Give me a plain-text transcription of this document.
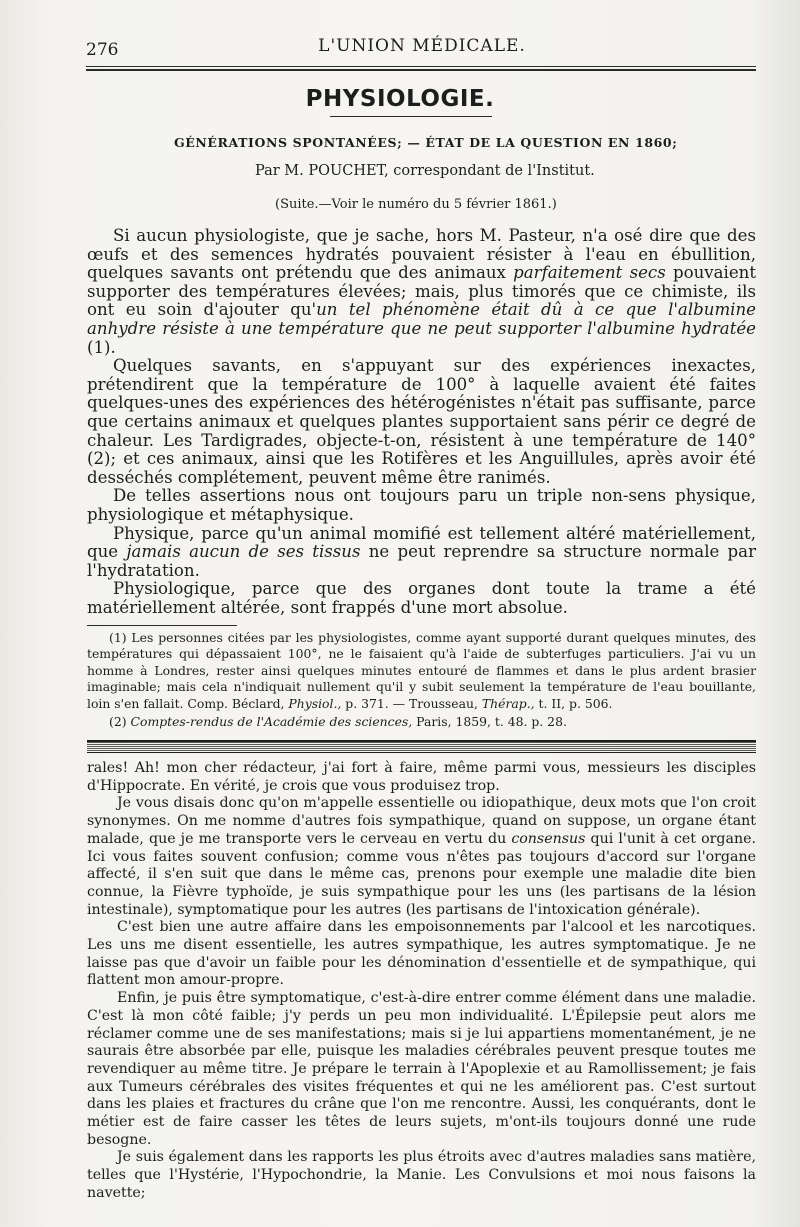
276	L'UNION MÉDICALE.
PHYSIOLOGIE.
GÉNÉRATIONS SPONTANÉES; — ÉTAT DE LA QUESTION EN 1860;
Par M. POUCHET, correspondant de l'Institut.
(Suite.—Voir le numéro du 5 février 1861.)

Si aucun physiologiste, que je sache, hors M. Pasteur, n'a osé dire que des œufs et des semences hydratés pouvaient résister à l'eau en ébullition, quelques savants ont prétendu que des animaux parfaitement secs pouvaient supporter des températures élevées; mais, plus timorés que ce chimiste, ils ont eu soin d'ajouter qu'un tel phénomène était dû à ce que l'albumine anhydre résiste à une température que ne peut supporter l'albumine hydratée (1).

Quelques savants, en s'appuyant sur des expériences inexactes, prétendirent que la température de 100° à laquelle avaient été faites quelques-unes des expériences des hétérogénistes n'était pas suffisante, parce que certains animaux et quelques plantes supportaient sans périr ce degré de chaleur. Les Tardigrades, objecte-t-on, résistent à une température de 140° (2); et ces animaux, ainsi que les Rotifères et les Anguillules, après avoir été desséchés complétement, peuvent même être ranimés.

De telles assertions nous ont toujours paru un triple non-sens physique, physiologique et métaphysique.

Physique, parce qu'un animal momifié est tellement altéré matériellement, que jamais aucun de ses tissus ne peut reprendre sa structure normale par l'hydratation.

Physiologique, parce que des organes dont toute la trame a été matériellement altérée, sont frappés d'une mort absolue.

(1) Les personnes citées par les physiologistes, comme ayant supporté durant quelques minutes, des températures qui dépassaient 100°, ne le faisaient qu'à l'aide de subterfuges particuliers. J'ai vu un homme à Londres, rester ainsi quelques minutes entouré de flammes et dans le plus ardent brasier imaginable; mais cela n'indiquait nullement qu'il y subit seulement la température de l'eau bouillante, loin s'en fallait. Comp. Béclard, Physiol., p. 371. — Trousseau, Thérap., t. II, p. 506.

(2) Comptes-rendus de l'Académie des sciences, Paris, 1859, t. 48. p. 28.

rales! Ah! mon cher rédacteur, j'ai fort à faire, même parmi vous, messieurs les disciples d'Hippocrate. En vérité, je crois que vous produisez trop.

Je vous disais donc qu'on m'appelle essentielle ou idiopathique, deux mots que l'on croit synonymes. On me nomme d'autres fois sympathique, quand on suppose, un organe étant malade, que je me transporte vers le cerveau en vertu du consensus qui l'unit à cet organe. Ici vous faites souvent confusion; comme vous n'êtes pas toujours d'accord sur l'organe affecté, il s'en suit que dans le même cas, prenons pour exemple une maladie dite bien connue, la Fièvre typhoïde, je suis sympathique pour les uns (les partisans de la lésion intestinale), symptomatique pour les autres (les partisans de l'intoxication générale).

C'est bien une autre affaire dans les empoisonnements par l'alcool et les narcotiques. Les uns me disent essentielle, les autres sympathique, les autres symptomatique. Je ne laisse pas que d'avoir un faible pour les dénomination d'essentielle et de sympathique, qui flattent mon amour-propre.

Enfin, je puis être symptomatique, c'est-à-dire entrer comme élément dans une maladie. C'est là mon côté faible; j'y perds un peu mon individualité. L'Épilepsie peut alors me réclamer comme une de ses manifestations; mais si je lui appartiens momentanément, je ne saurais être absorbée par elle, puisque les maladies cérébrales peuvent presque toutes me revendiquer au même titre. Je prépare le terrain à l'Apoplexie et au Ramollissement; je fais aux Tumeurs cérébrales des visites fréquentes et qui ne les améliorent pas. C'est surtout dans les plaies et fractures du crâne que l'on me rencontre. Aussi, les conquérants, dont le métier est de faire casser les têtes de leurs sujets, m'ont-ils toujours donné une rude besogne.

Je suis également dans les rapports les plus étroits avec d'autres maladies sans matière, telles que l'Hystérie, l'Hypochondrie, la Manie. Les Convulsions et moi nous faisons la navette;
